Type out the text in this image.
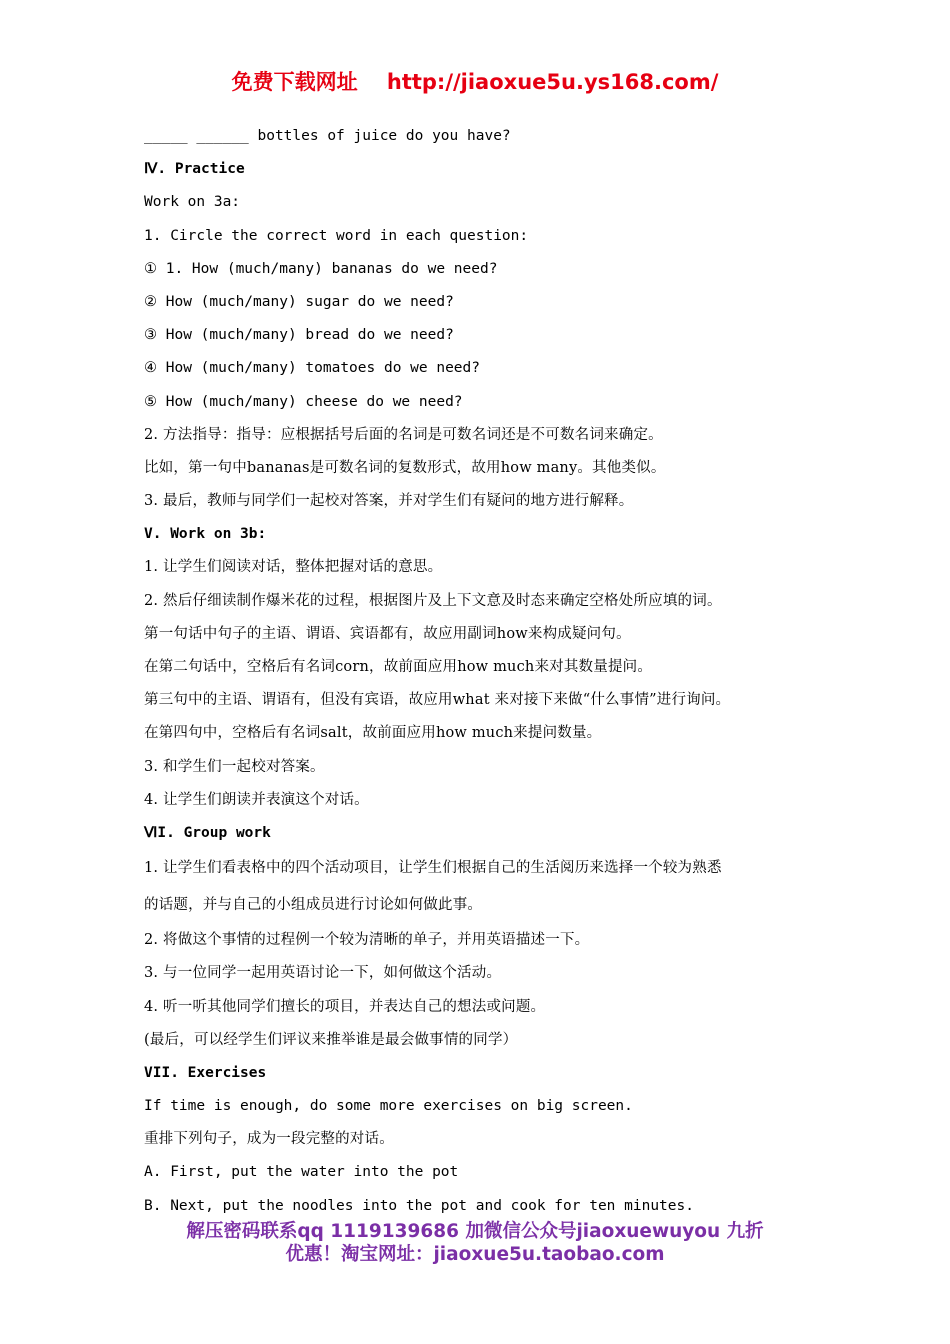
免费下载网址    http://jiaoxue5u.ys168.com/
_____ ______ bottles of juice do you have?
Ⅳ. Practice
Work on 3a:
1. Circle the correct word in each question:
① 1. How (much/many) bananas do we need?
② How (much/many) sugar do we need?
③ How (much/many) bread do we need?
④ How (much/many) tomatoes do we need?
⑤ How (much/many) cheese do we need?
2. 方法指导：指导：应根据括号后面的名词是可数名词还是不可数名词来确定。
比如，第一句中bananas是可数名词的复数形式，故用how many。其他类似。
3. 最后，教师与同学们一起校对答案，并对学生们有疑问的地方进行解释。
V. Work on 3b:
1. 让学生们阅读对话，整体把握对话的意思。
2. 然后仔细读制作爆米花的过程，根据图片及上下文意及时态来确定空格处所应填的词。
第一句话中句子的主语、谓语、宾语都有，故应用副词how来构成疑问句。
在第二句话中，空格后有名词corn，故前面应用how much来对其数量提问。
第三句中的主语、谓语有，但没有宾语，故应用what 来对接下来做“什么事情”进行询问。
在第四句中，空格后有名词salt，故前面应用how much来提问数量。
3. 和学生们一起校对答案。
4. 让学生们朗读并表演这个对话。
ⅥI. Group work
1. 让学生们看表格中的四个活动项目，让学生们根据自己的生活阅历来选择一个较为熟悉
的话题，并与自己的小组成员进行讨论如何做此事。
2. 将做这个事情的过程例一个较为清晰的单子，并用英语描述一下。
3. 与一位同学一起用英语讨论一下，如何做这个活动。
4. 听一听其他同学们擅长的项目，并表达自己的想法或问题。
(最后，可以经学生们评议来推举谁是最会做事情的同学）
VII. Exercises
If time is enough, do some more exercises on big screen.
重排下列句子，成为一段完整的对话。
A. First, put the water into the pot
B. Next, put the noodles into the pot and cook for ten minutes.
解压密码联系qq 1119139686 加微信公众号jiaoxuewuyou 九折
优惠！淘宝网址：jiaoxue5u.taobao.com
